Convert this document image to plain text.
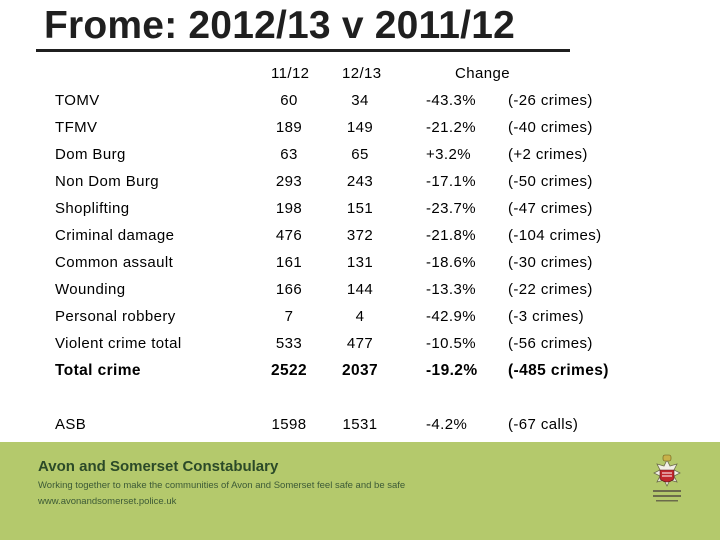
Frome: 2012/13 v 2011/12
11/12 12/13	Change
TOMV	60	34	-43.3% (-26 crimes)
TFMV	189	149	-21.2% (-40 crimes)
Dom Burg	63	65	+3.2% (+2 crimes)
Non Dom Burg	293	243	-17.1% (-50 crimes)
Shoplifting	198	151	-23.7% (-47 crimes)
Criminal damage	476	372	-21.8% (-104 crimes)
Common assault	161	131	-18.6% (-30 crimes)
Wounding	166	144	-13.3% (-22 crimes)
Personal robbery	7	4	-42.9% (-3 crimes)
Violent crime total	533	477	-10.5% (-56 crimes)
Total crime	2522	2037	-19.2% (-485 crimes)
ASB	1598	1531	-4.2%	(-67 calls)
Avon and Somerset Constabulary
Working together to make the communities of Avon and Somerset feel safe and be safe
www.avonandsomerset.police.uk
